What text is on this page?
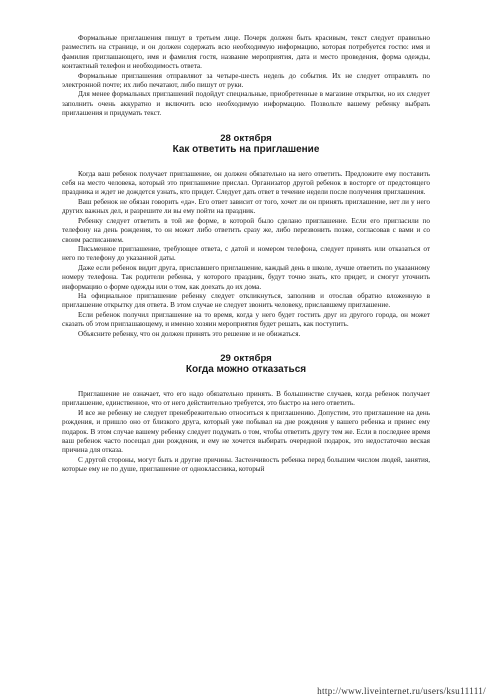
Формальные приглашения пишут в третьем лице. Почерк должен быть красивым, текст следует правильно разместить на странице, и он должен содержать всю необходимую информацию, которая потребуется гостю: имя и фамилия приглашающего, имя и фамилия гостя, название мероприятия, дата и место проведения, форма одежды, контактный телефон и необходимость ответа.

Формальные приглашения отправляют за четыре-шесть недель до события. Их не следует отправлять по электронной почте; их либо печатают, либо пишут от руки.

Для менее формальных приглашений подойдут специальные, приобретенные в магазине открытки, но их следует заполнить очень аккуратно и включить всю необходимую информацию. Позвольте вашему ребенку выбрать приглашения и придумать текст.

28 октября
Как ответить на приглашение

Когда ваш ребенок получает приглашение, он должен обязательно на него ответить. Предложите ему поставить себя на место человека, который это приглашение прислал. Организатор другой ребенок в восторге от предстоящего праздника и ждет не дождется узнать, кто придет. Следует дать ответ в течение недели после получения приглашения.

Ваш ребенок не обязан говорить «да». Его ответ зависит от того, хочет ли он принять приглашение, нет ли у него других важных дел, и разрешите ли вы ему пойти на праздник.

Ребенку следует ответить в той же форме, в которой было сделано приглашение. Если его пригласили по телефону на день рождения, то он может либо ответить сразу же, либо перезвонить позже, согласовав с вами и со своим расписанием.

Письменное приглашение, требующее ответа, с датой и номером телефона, следует принять или отказаться от него по телефону до указанной даты.

Даже если ребенок видит друга, приславшего приглашение, каждый день в школе, лучше ответить по указанному номеру телефона. Так родители ребенка, у которого праздник, будут точно знать, кто придет, и смогут уточнить информацию о форме одежды или о том, как доехать до их дома.

На официальное приглашение ребенку следует откликнуться, заполнив и отослав обратно вложенную в приглашение открытку для ответа. В этом случае не следует звонить человеку, приславшему приглашение.

Если ребенок получил приглашение на то время, когда у него будет гостить друг из другого города, он может сказать об этом приглашающему, и именно хозяин мероприятия будет решать, как поступить.

Объясните ребенку, что он должен принять это решение и не обижаться.

29 октября
Когда можно отказаться

Приглашение не означает, что его надо обязательно принять. В большинстве случаев, когда ребенок получает приглашение, единственное, что от него действительно требуется, это быстро на него ответить.

И все же ребенку не следует пренебрежительно относиться к приглашению. Допустим, это приглашение на день рождения, и пришло оно от близкого друга, который уже побывал на дне рождения у вашего ребенка и принес ему подарок. В этом случае вашему ребенку следует подумать о том, чтобы ответить другу тем же. Если в последнее время ваш ребенок часто посещал дни рождения, и ему не хочется выбирать очередной подарок, это недостаточно веская причина для отказа.

С другой стороны, могут быть и другие причины. Застенчивость ребенка перед большим числом людей, занятия, которые ему не по душе, приглашение от одноклассника, который

http://www.liveinternet.ru/users/ksu11111/
